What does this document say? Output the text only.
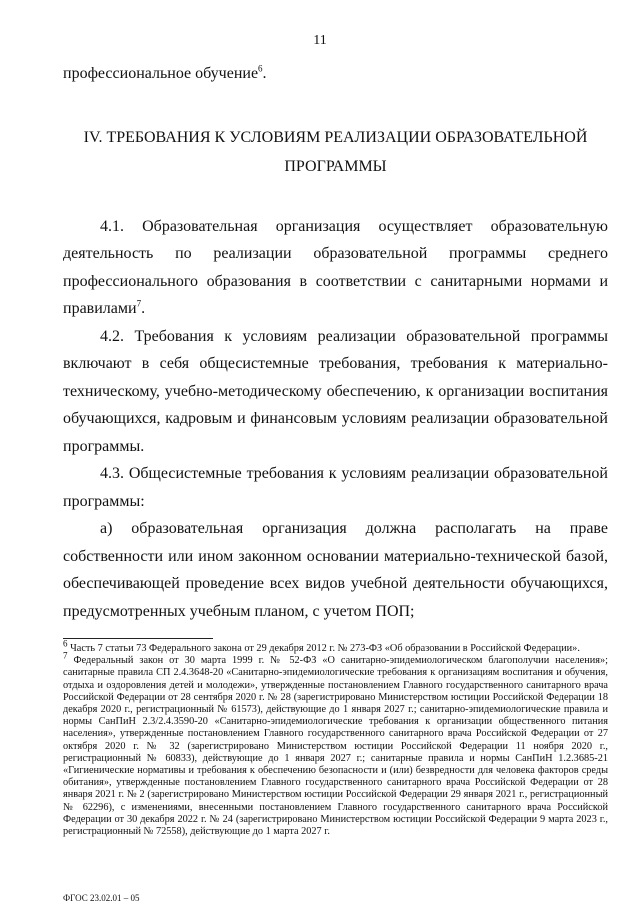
11

профессиональное обучение$^6$.

IV. ТРЕБОВАНИЯ К УСЛОВИЯМ РЕАЛИЗАЦИИ ОБРАЗОВАТЕЛЬНОЙ
ПРОГРАММЫ

4.1. Образовательная организация осуществляет образовательную деятельность по реализации образовательной программы среднего профессионального образования в соответствии с санитарными нормами и правилами$^7$.

4.2. Требования к условиям реализации образовательной программы включают в себя общесистемные требования, требования к материально-техническому, учебно-методическому обеспечению, к организации воспитания обучающихся, кадровым и финансовым условиям реализации образовательной программы.

4.3. Общесистемные требования к условиям реализации образовательной программы:

а) образовательная организация должна располагать на праве собственности или ином законном основании материально-технической базой, обеспечивающей проведение всех видов учебной деятельности обучающихся, предусмотренных учебным планом, с учетом ПОП;

$^6$ Часть 7 статьи 73 Федерального закона от 29 декабря 2012 г. № 273-ФЗ «Об образовании в Российской Федерации».

$^7$ Федеральный закон от 30 марта 1999 г. № 52-ФЗ «О санитарно-эпидемиологическом благополучии населения»; санитарные правила СП 2.4.3648-20 «Санитарно-эпидемиологические требования к организациям воспитания и обучения, отдыха и оздоровления детей и молодежи», утвержденные постановлением Главного государственного санитарного врача Российской Федерации от 28 сентября 2020 г. № 28 (зарегистрировано Министерством юстиции Российской Федерации 18 декабря 2020 г., регистрационный № 61573), действующие до 1 января 2027 г.; санитарно-эпидемиологические правила и нормы СанПиН 2.3/2.4.3590-20 «Санитарно-эпидемиологические требования к организации общественного питания населения», утвержденные постановлением Главного государственного санитарного врача Российской Федерации от 27 октября 2020 г. № 32 (зарегистрировано Министерством юстиции Российской Федерации 11 ноября 2020 г., регистрационный № 60833), действующие до 1 января 2027 г.; санитарные правила и нормы СанПиН 1.2.3685-21 «Гигиенические нормативы и требования к обеспечению безопасности и (или) безвредности для человека факторов среды обитания», утвержденные постановлением Главного государственного санитарного врача Российской Федерации от 28 января 2021 г. № 2 (зарегистрировано Министерством юстиции Российской Федерации 29 января 2021 г., регистрационный № 62296), с изменениями, внесенными постановлением Главного государственного санитарного врача Российской Федерации от 30 декабря 2022 г. № 24 (зарегистрировано Министерством юстиции Российской Федерации 9 марта 2023 г., регистрационный № 72558), действующие до 1 марта 2027 г.

ФГОС 23.02.01 – 05
